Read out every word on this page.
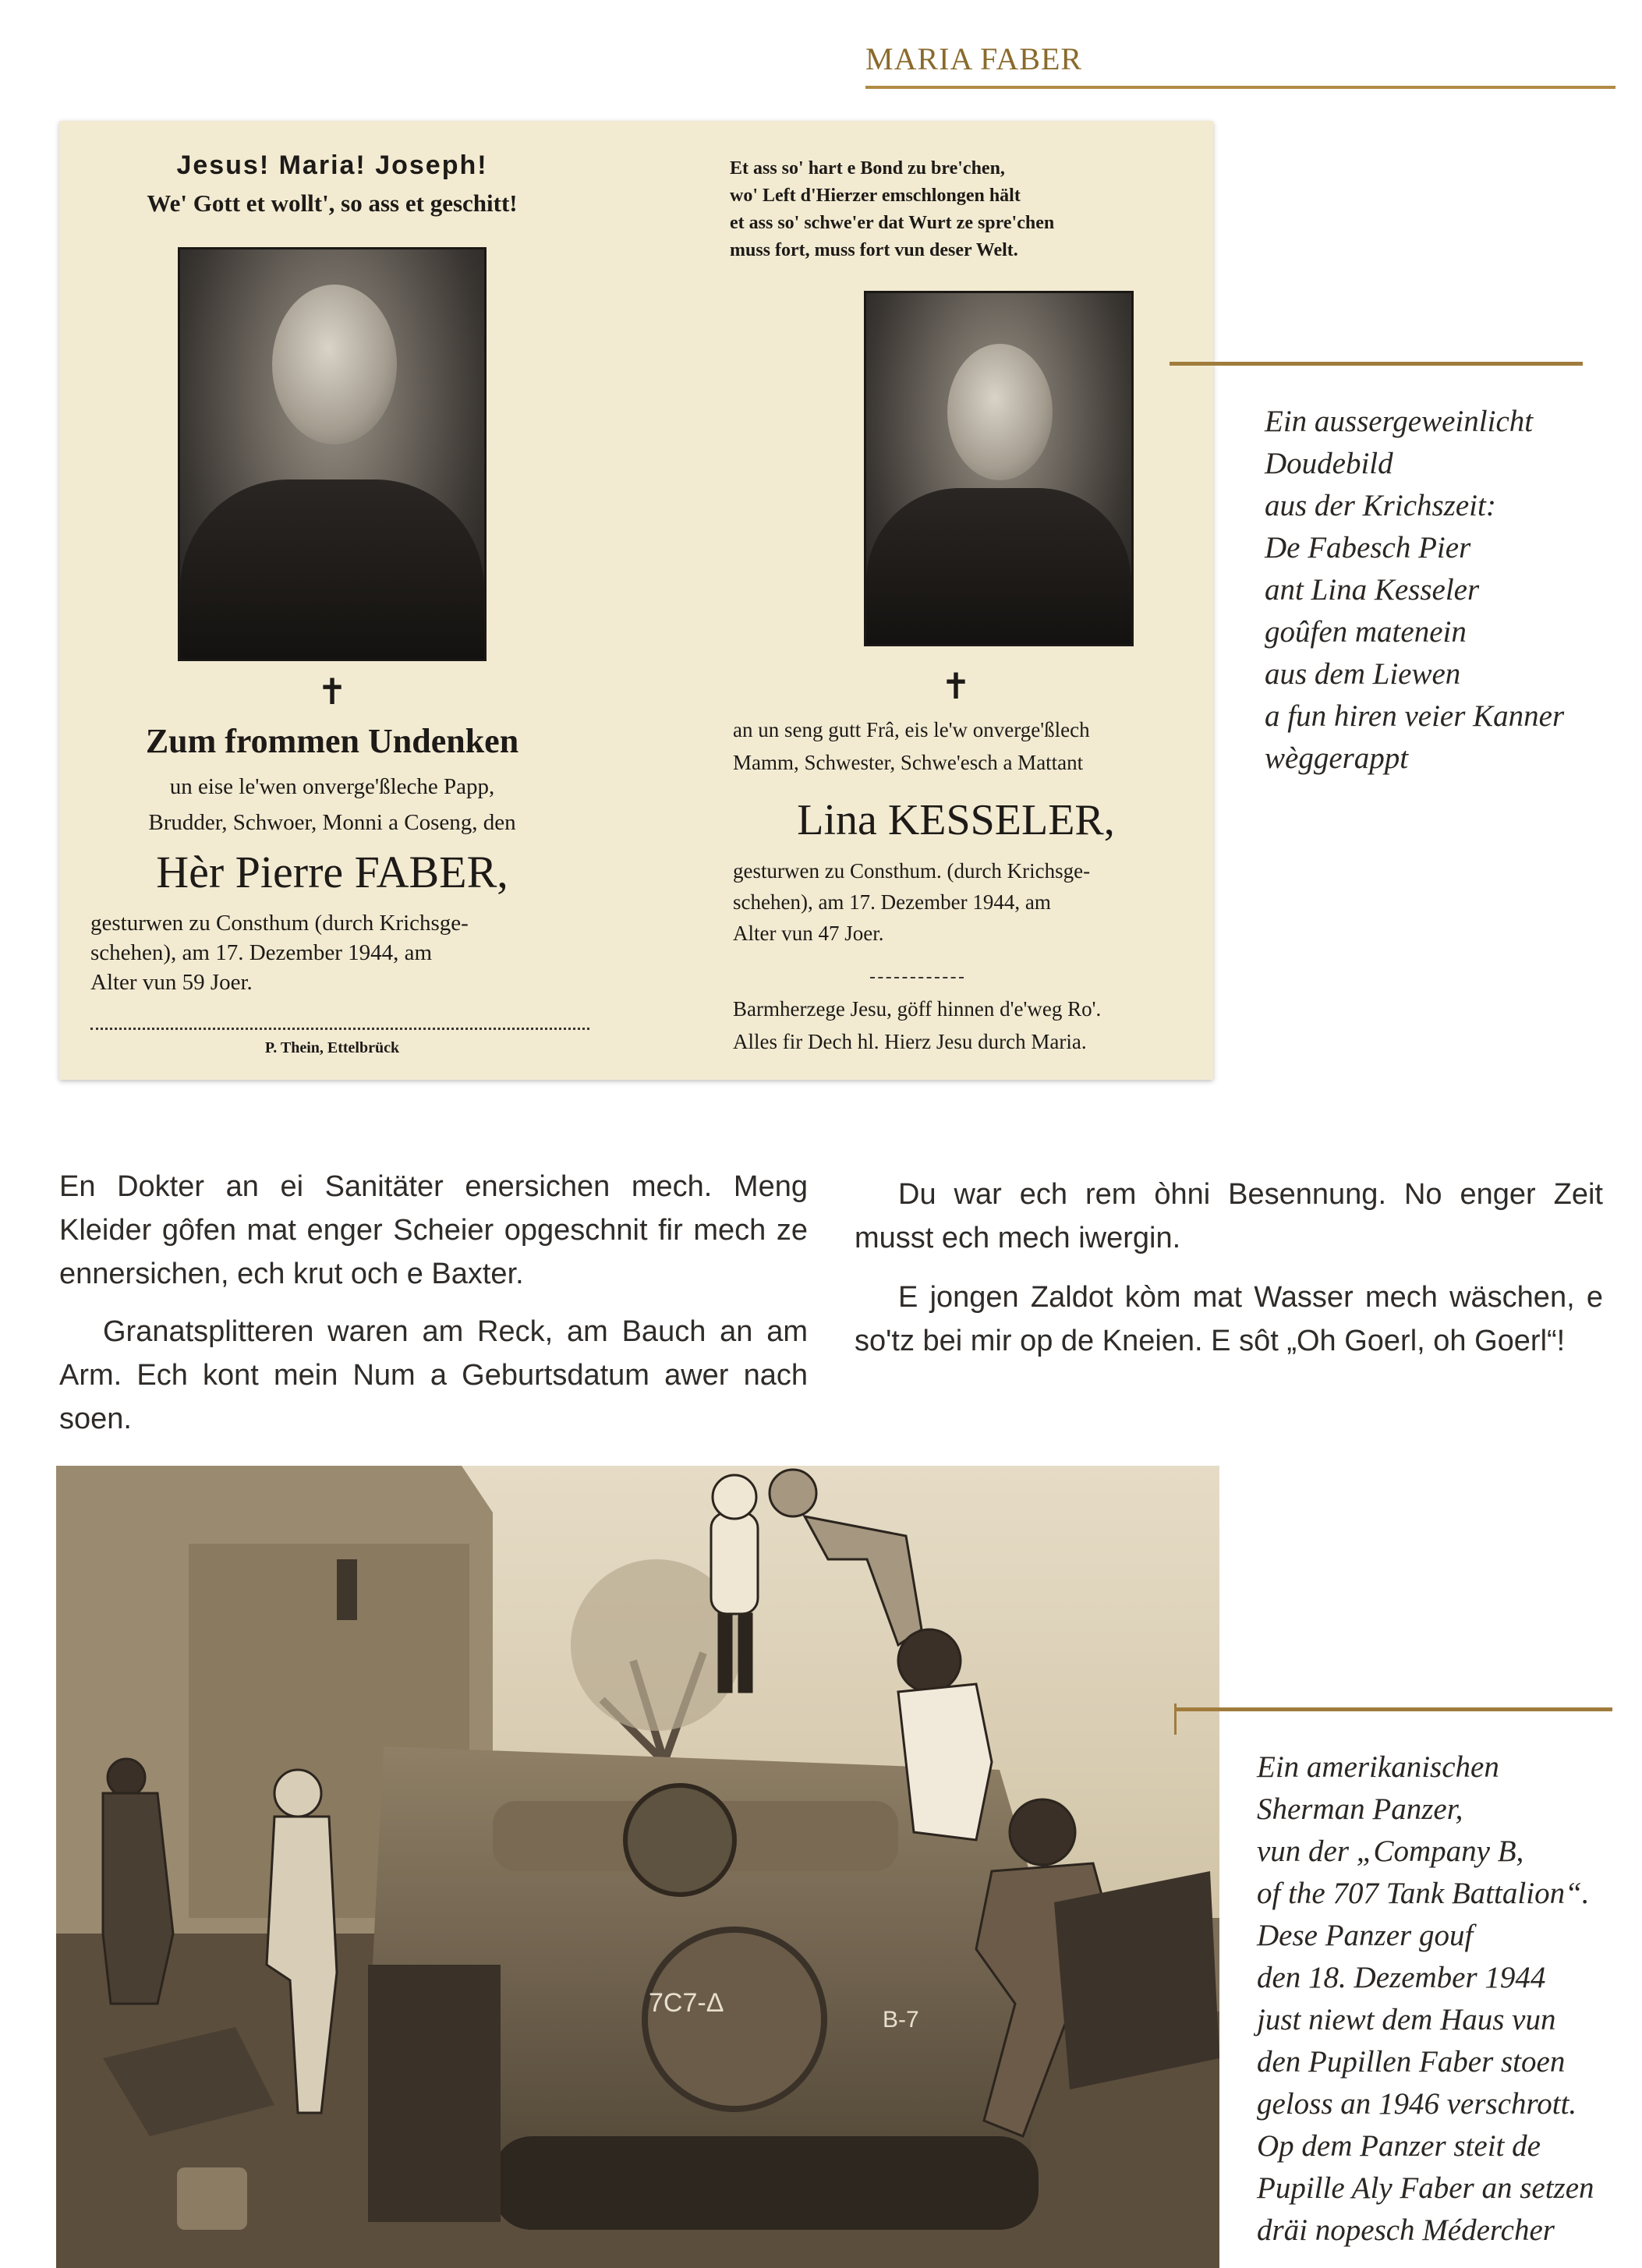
MARIA FABER
Jesus! Maria! Joseph!
We' Gott et wollt', so ass et geschitt!
✝
Zum frommen Undenken
un eise le'wen onverge'ßleche Papp,
Brudder, Schwoer, Monni a Coseng, den
Hèr Pierre FABER,
gesturwen zu Consthum (durch Krichsge-
schehen), am 17. Dezember 1944, am
Alter vun 59 Joer.
P. Thein, Ettelbrück
Et ass so' hart e Bond zu bre'chen,
wo' Left d'Hierzer emschlongen hält
et ass so' schwe'er dat Wurt ze spre'chen
muss fort, muss fort vun deser Welt.
✝
an un seng gutt Frâ, eis le'w onverge'ßlech
Mamm, Schwester, Schwe'esch a Mattant
Lina KESSELER,
gesturwen zu Consthum. (durch Krichsge-
schehen), am 17. Dezember 1944, am
Alter vun 47 Joer.
Barmherzege Jesu, göff hinnen d'e'weg Ro'.
Alles fir Dech hl. Hierz Jesu durch Maria.
Ein aussergeweinlicht
Doudebild
aus der Krichszeit:
De Fabesch Pier
ant Lina Kesseler
goûfen matenein
aus dem Liewen
a fun hiren veier Kanner
wèggerappt
En Dokter an ei Sanitäter enersichen mech. Meng Kleider gôfen mat enger Scheier opgeschnit fir mech ze ennersichen, ech krut och e Baxter.
Granatsplitteren waren am Reck, am Bauch an am Arm. Ech kont mein Num a Geburtsdatum awer nach soen.
Du war ech rem òhni Besennung. No enger Zeit musst ech mech iwergin.
E jongen Zaldot kòm mat Wasser mech wäschen, e so'tz bei mir op de Kneien. E sôt „Oh Goerl, oh Goerl“!
7C7-Δ
B-7
Ein amerikanischen
Sherman Panzer,
vun der „Company B,
of the 707 Tank Battalion“.
Dese Panzer gouf
den 18. Dezember 1944
just niewt dem Haus vun
den Pupillen Faber stoen
geloss an 1946 verschrott.
Op dem Panzer steit de
Pupille Aly Faber an setzen
dräi nopesch Médercher
